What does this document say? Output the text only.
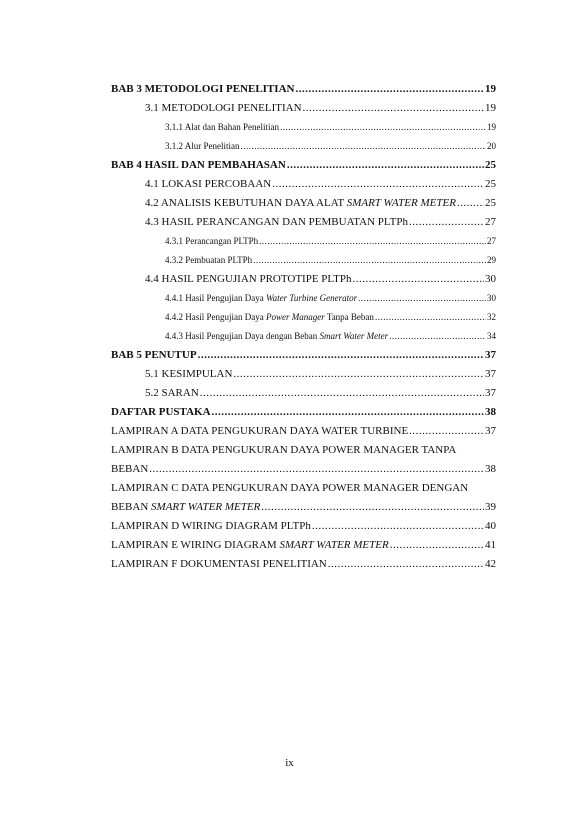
BAB 3 METODOLOGI PENELITIAN .....	19
3.1 METODOLOGI PENELITIAN .....	19
3.1.1 Alat dan Bahan Penelitian .....	19
3.1.2 Alur Penelitian .....	20
BAB 4 HASIL DAN PEMBAHASAN .....	25
4.1 LOKASI PERCOBAAN .....	25
4.2 ANALISIS KEBUTUHAN DAYA ALAT SMART WATER METER .....	25
4.3 HASIL PERANCANGAN DAN PEMBUATAN PLTPh .....	27
4.3.1 Perancangan PLTPh .....	27
4.3.2 Pembuatan PLTPh .....	29
4.4 HASIL PENGUJIAN PROTOTIPE PLTPh .....	30
4.4.1 Hasil Pengujian Daya Water Turbine Generator .....	30
4.4.2 Hasil Pengujian Daya Power Manager Tanpa Beban .....	32
4.4.3 Hasil Pengujian Daya dengan Beban Smart Water Meter .....	34
BAB 5 PENUTUP .....	37
5.1 KESIMPULAN .....	37
5.2 SARAN .....	37
DAFTAR PUSTAKA .....	38
LAMPIRAN A DATA PENGUKURAN DAYA WATER TURBINE .....	37
LAMPIRAN B DATA PENGUKURAN DAYA POWER MANAGER TANPA
BEBAN .....	38
LAMPIRAN C DATA PENGUKURAN DAYA POWER MANAGER DENGAN
BEBAN SMART WATER METER .....	39
LAMPIRAN D WIRING DIAGRAM PLTPh .....	40
LAMPIRAN E WIRING DIAGRAM SMART WATER METER .....	41
LAMPIRAN F DOKUMENTASI PENELITIAN .....	42
ix
